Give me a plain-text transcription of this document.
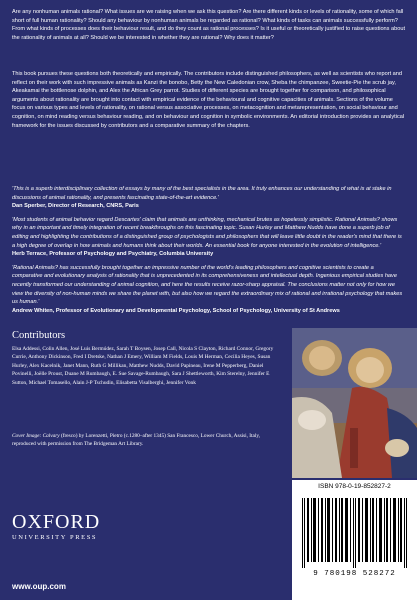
Are any nonhuman animals rational? What issues are we raising when we ask this question? Are there different kinds or levels of rationality, some of which fall short of full human rationality? Should any behaviour by nonhuman animals be regarded as rational? What kinds of tasks can animals successfully perform? From what kinds of processes does their behaviour result, and do they count as rational processes? Is it useful or theoretically justified to raise questions about the rationality of animals at all? Should we be interested in whether they are rational? Why does it matter?

This book pursues these questions both theoretically and empirically. The contributors include distinguished philosophers, as well as scientists who report and reflect on their work with such impressive animals as Kanzi the bonobo, Betty the New Caledonian crow, Sheba the chimpanzee, Sweetie-Pie the scrub jay, Akeakamai the bottlenose dolphin, and Alex the African Grey parrot. Studies of different species are brought together for comparison, and philosophical arguments about rationality are brought into contact with empirical evidence of the behavioural and cognitive capacities of animals. Sections of the volume focus on various types and levels of rationality, on rational versus associative processes, on metacognition and metarepresentation, on social behaviour and cognition, on mind reading versus behaviour reading, and on behaviour and cognition in symbolic environments. An editorial introduction provides an analytical framework for the issues discussed by contributors and a comparative summary of the chapters.

'This is a superb interdisciplinary collection of essays by many of the best specialists in the area. It truly enhances our understanding of what is at stake in discussions of animal rationality, and presents fascinating state-of-the-art evidence.'

Dan Sperber, Director of Research, CNRS, Paris

'Most students of animal behavior regard Descartes' claim that animals are unthinking, mechanical brutes as hopelessly simplistic. Rational Animals? shows why in an important and timely integration of recent breakthroughs on this fascinating topic. Susan Hurley and Matthew Nudds have done a superb job of editing and highlighting the contributions of a distinguished group of psychologists and philosophers that will leave little doubt in the reader's mind that there is a high degree of overlap in how animals and humans think about their worlds. An essential book for anyone interested in the evolution of intelligence.'

Herb Terrace, Professor of Psychology and Psychiatry, Columbia University

'Rational Animals? has successfully brought together an impressive number of the world's leading philosophers and cognitive scientists to create a comparative and evolutionary analysis of rationality that is unprecedented in its comprehensiveness and intellectual depth. Ingenious empirical studies have recently transformed our understanding of animal cognition, and here the results receive razor-sharp appraisal. The conclusions matter not only for how we view the diversity of non-human minds we share the planet with, but also how we regard the extraordinary mix of rational and irrational psychology that makes us human.'

Andrew Whiten, Professor of Evolutionary and Developmental Psychology, School of Psychology, University of St Andrews

Contributors
Elsa Addessi, Colin Allen, José Luis Bermúdez, Sarah T Boysen, Josep Call, Nicola S Clayton, Richard Connor, Gregory Currie, Anthony Dickinson, Fred I Dretske, Nathan J Emery, William M Fields, Louis M Herman, Cecilia Heyes, Susan Hurley, Alex Kacelnik, Janet Mann, Ruth G Millikan, Matthew Nudds, David Papineau, Irene M Pepperberg, Daniel Povinelli, Joëlle Proust, Duane M Rumbaugh, E. Sue Savage-Rumbaugh, Sara J Shettleworth, Kim Sterelny, Jennifer E Sutton, Michael Tomasello, Alain J-P Tschudin, Elisabetta Visalberghi, Jennifer Vonk
Cover Image: Calvary (fresco) by Lorenzetti, Pietro (c.1280–after 1345) San Francesco, Lower Church, Assisi, Italy, reproduced with permission from The Bridgeman Art Library.
ISBN 978-0-19-852827-2
9 780198 528272
OXFORD
UNIVERSITY PRESS
www.oup.com
